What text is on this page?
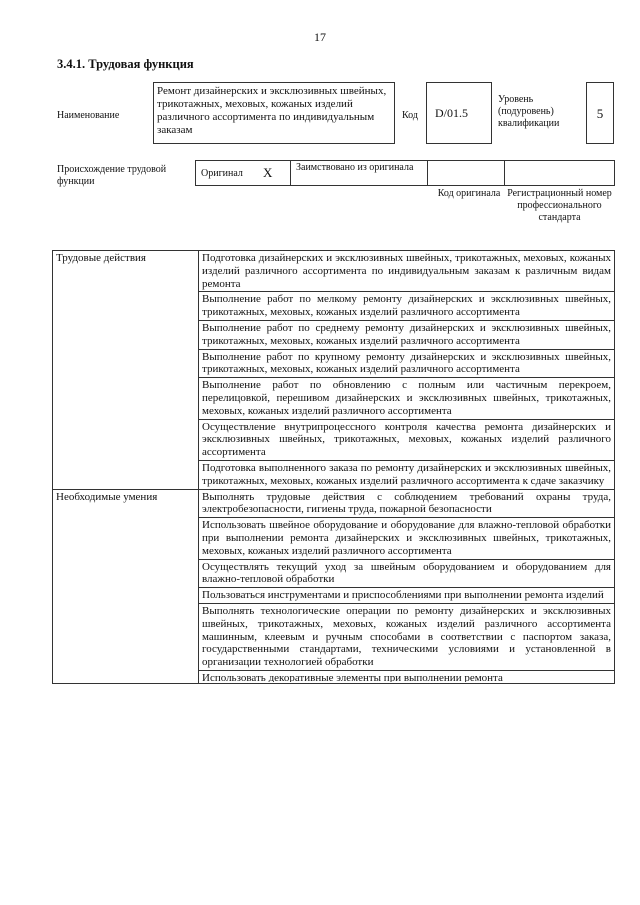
17
3.4.1. Трудовая функция
Наименование
Ремонт дизайнерских и эксклюзивных швейных, трикотажных, меховых, кожаных изделий различного ассортимента по индивидуальным заказам
Код	D/01.5
Уровень (подуровень) квалификации
5
Происхождение трудовой функции
Оригинал X Заимствовано из оригинала
Код оригинала Регистрационный номер профессионального стандарта
Трудовые действия	Подготовка дизайнерских и эксклюзивных швейных, трикотажных, меховых, кожаных изделий различного ассортимента по индивидуальным заказам к различным видам ремонта
	Выполнение работ по мелкому ремонту дизайнерских и эксклюзивных швейных, трикотажных, меховых, кожаных изделий различного ассортимента
	Выполнение работ по среднему ремонту дизайнерских и эксклюзивных швейных, трикотажных, меховых, кожаных изделий различного ассортимента
	Выполнение работ по крупному ремонту дизайнерских и эксклюзивных швейных, трикотажных, меховых, кожаных изделий различного ассортимента
	Выполнение работ по обновлению с полным или частичным перекроем, перелицовкой, перешивом дизайнерских и эксклюзивных швейных, трикотажных, меховых, кожаных изделий различного ассортимента
	Осуществление внутрипроцессного контроля качества ремонта дизайнерских и эксклюзивных швейных, трикотажных, меховых, кожаных изделий различного ассортимента
	Подготовка выполненного заказа по ремонту дизайнерских и эксклюзивных швейных, трикотажных, меховых, кожаных изделий различного ассортимента к сдаче заказчику
Необходимые умения	Выполнять трудовые действия с соблюдением требований охраны труда, электробезопасности, гигиены труда, пожарной безопасности
	Использовать швейное оборудование и оборудование для влажно-тепловой обработки при выполнении ремонта дизайнерских и эксклюзивных швейных, трикотажных, меховых, кожаных изделий различного ассортимента
	Осуществлять текущий уход за швейным оборудованием и оборудованием для влажно-тепловой обработки
	Пользоваться инструментами и приспособлениями при выполнении ремонта изделий
	Выполнять технологические операции по ремонту дизайнерских и эксклюзивных швейных, трикотажных, меховых, кожаных изделий различного ассортимента машинным, клеевым и ручным способами в соответствии с паспортом заказа, государственными стандартами, техническими условиями и установленной в организации технологией обработки

	Использовать декоративные элементы при выполнении ремонта
